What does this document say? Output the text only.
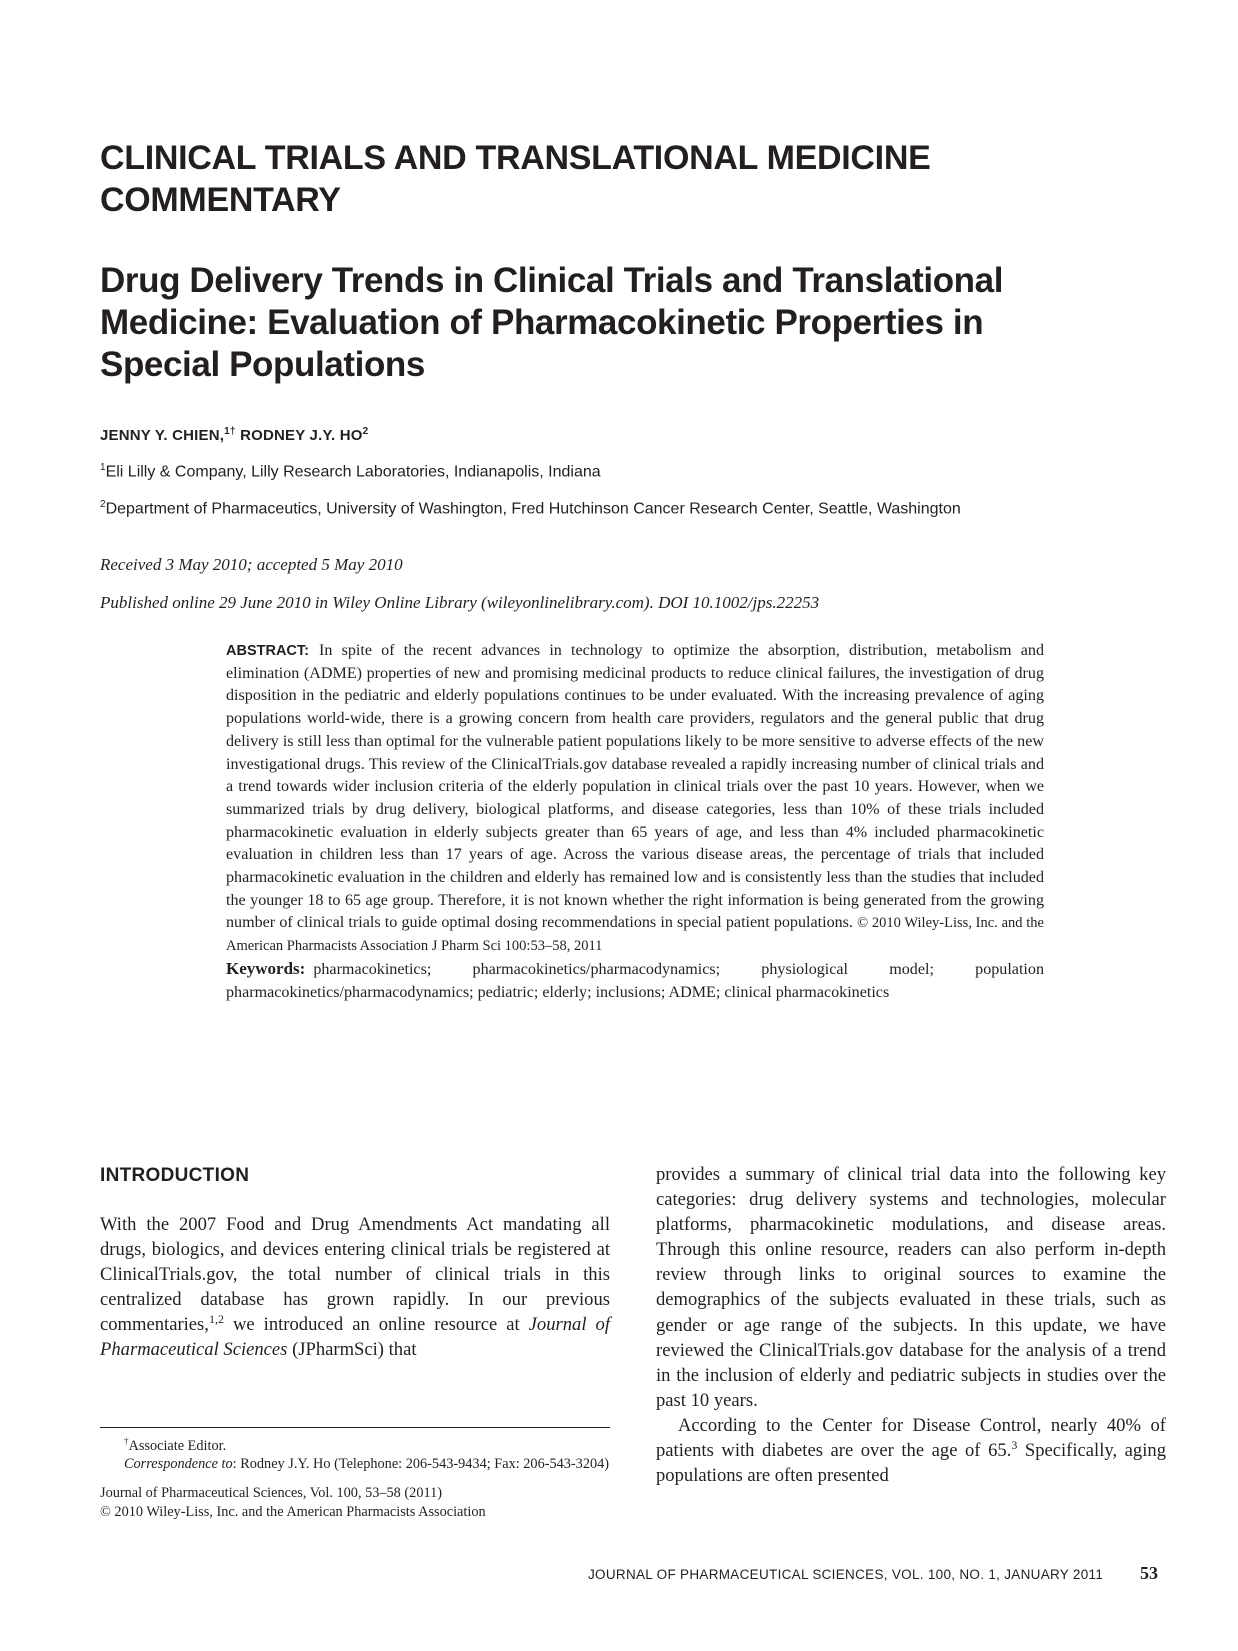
CLINICAL TRIALS AND TRANSLATIONAL MEDICINE COMMENTARY
Drug Delivery Trends in Clinical Trials and Translational Medicine: Evaluation of Pharmacokinetic Properties in Special Populations
JENNY Y. CHIEN,$^{1\dagger}$ RODNEY J.Y. $HO^2$
$^1$Eli Lilly & Company, Lilly Research Laboratories, Indianapolis, Indiana
$^2$Department of Pharmaceutics, University of Washington, Fred Hutchinson Cancer Research Center, Seattle, Washington
Received 3 May 2010; accepted 5 May 2010
Published online 29 June 2010 in Wiley Online Library (wileyonlinelibrary.com). DOI 10.1002/jps.22253
ABSTRACT: In spite of the recent advances in technology to optimize the absorption, distribution, metabolism and elimination (ADME) properties of new and promising medicinal products to reduce clinical failures, the investigation of drug disposition in the pediatric and elderly populations continues to be under evaluated. With the increasing prevalence of aging populations world-wide, there is a growing concern from health care providers, regulators and the general public that drug delivery is still less than optimal for the vulnerable patient populations likely to be more sensitive to adverse effects of the new investigational drugs. This review of the ClinicalTrials.gov database revealed a rapidly increasing number of clinical trials and a trend towards wider inclusion criteria of the elderly population in clinical trials over the past 10 years. However, when we summarized trials by drug delivery, biological platforms, and disease categories, less than 10% of these trials included pharmacokinetic evaluation in elderly subjects greater than 65 years of age, and less than 4% included pharmacokinetic evaluation in children less than 17 years of age. Across the various disease areas, the percentage of trials that included pharmacokinetic evaluation in the children and elderly has remained low and is consistently less than the studies that included the younger 18 to 65 age group. Therefore, it is not known whether the right information is being generated from the growing number of clinical trials to guide optimal dosing recommendations in special patient populations. © 2010 Wiley-Liss, Inc. and the American Pharmacists Association J Pharm Sci 100:53–58, 2011
Keywords: pharmacokinetics; pharmacokinetics/pharmacodynamics; physiological model; population pharmacokinetics/pharmacodynamics; pediatric; elderly; inclusions; ADME; clinical pharmacokinetics
INTRODUCTION

With the 2007 Food and Drug Amendments Act mandating all drugs, biologics, and devices entering clinical trials be registered at ClinicalTrials.gov, the total number of clinical trials in this centralized database has grown rapidly. In our previous commentaries,$^{1,2}$ we introduced an online resource at Journal of Pharmaceutical Sciences (JPharmSci) that

†Associate Editor.

Correspondence to: Rodney J.Y. Ho (Telephone: 206-543-9434; Fax: 206-543-3204)

Journal of Pharmaceutical Sciences, Vol. 100, 53–58 (2011)

© 2010 Wiley-Liss, Inc. and the American Pharmacists Association

provides a summary of clinical trial data into the following key categories: drug delivery systems and technologies, molecular platforms, pharmacokinetic modulations, and disease areas. Through this online resource, readers can also perform in-depth review through links to original sources to examine the demographics of the subjects evaluated in these trials, such as gender or age range of the subjects. In this update, we have reviewed the ClinicalTrials.gov database for the analysis of a trend in the inclusion of elderly and pediatric subjects in studies over the past 10 years.

According to the Center for Disease Control, nearly 40% of patients with diabetes are over the age of 65.$^3$ Specifically, aging populations are often presented

JOURNAL OF PHARMACEUTICAL SCIENCES, VOL. 100, NO. 1, JANUARY 2011 53
